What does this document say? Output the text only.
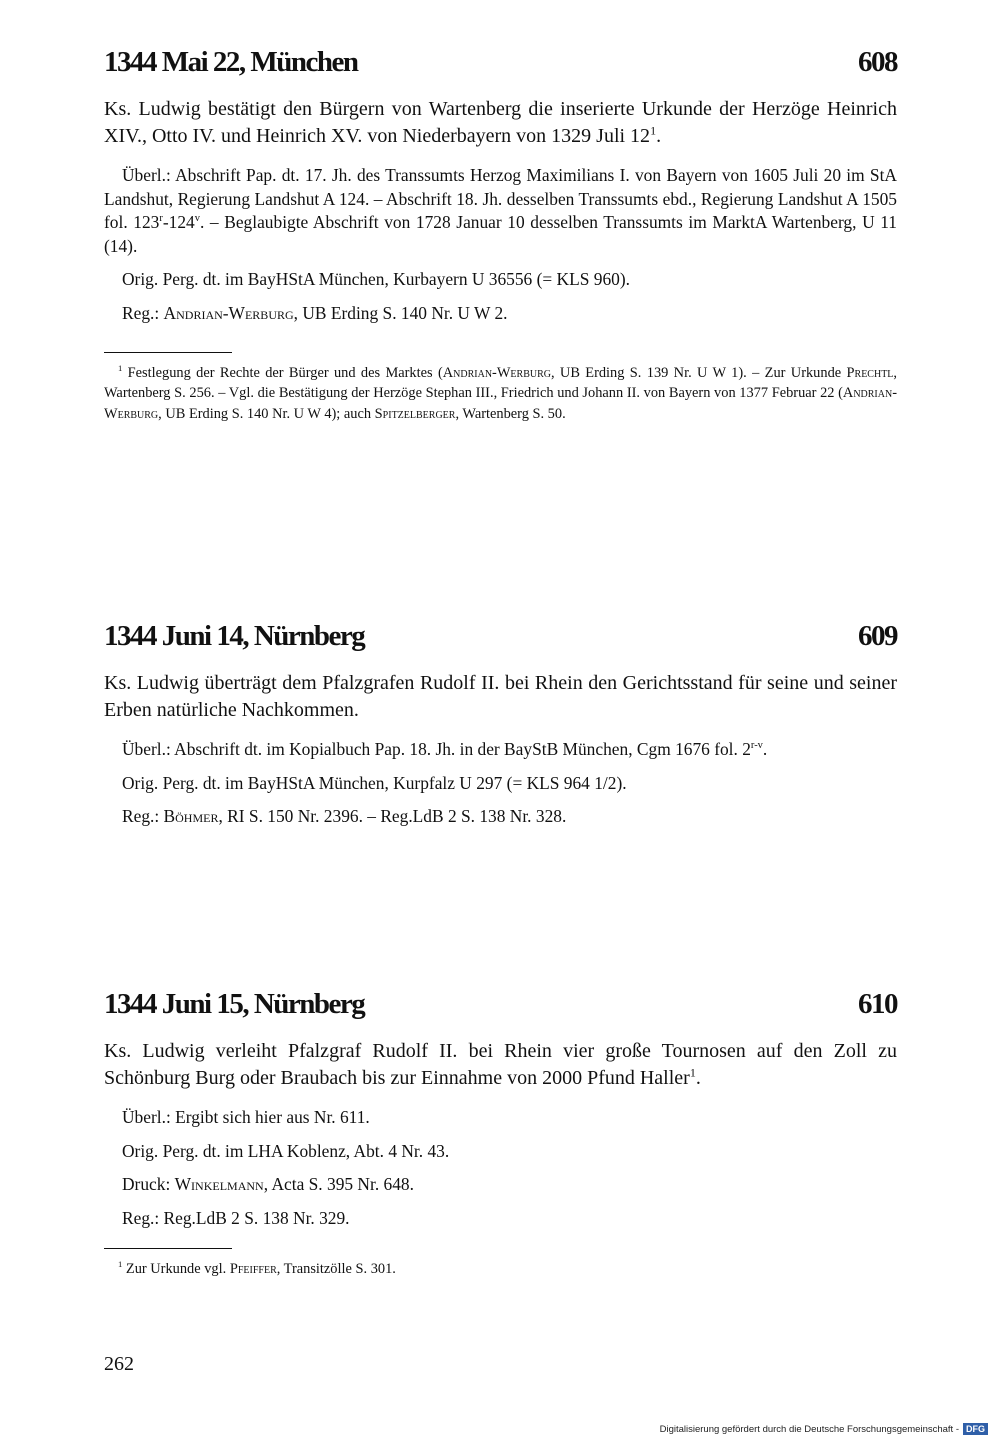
1344 Mai 22, München	608

Ks. Ludwig bestätigt den Bürgern von Wartenberg die inserierte Urkunde der Herzöge Heinrich XIV., Otto IV. und Heinrich XV. von Niederbayern von 1329 Juli $12^1$.

Überl.: Abschrift Pap. dt. 17. Jh. des Transsumts Herzog Maximilians I. von Bayern von 1605 Juli 20 im StA Landshut, Regierung Landshut A 124. – Abschrift 18. Jh. desselben Transsumts ebd., Regierung Landshut A 1505 fol. 123$^r$-124$^v$. – Beglaubigte Abschrift von 1728 Januar 10 desselben Transsumts im MarktA Wartenberg, U 11 (14).

Orig. Perg. dt. im BayHStA München, Kurbayern U 36556 (= KLS 960).

Reg.: Andrian-Werburg, UB Erding S. 140 Nr. U W 2.

$^1$ Festlegung der Rechte der Bürger und des Marktes (Andrian-Werburg, UB Erding S. 139 Nr. U W 1). – Zur Urkunde Prechtl, Wartenberg S. 256. – Vgl. die Bestätigung der Herzöge Stephan III., Friedrich und Johann II. von Bayern von 1377 Februar 22 (Andrian-Werburg, UB Erding S. 140 Nr. U W 4); auch Spitzelberger, Wartenberg S. 50.

1344 Juni 14, Nürnberg	609

Ks. Ludwig überträgt dem Pfalzgrafen Rudolf II. bei Rhein den Gerichtsstand für seine und seiner Erben natürliche Nachkommen.

Überl.: Abschrift dt. im Kopialbuch Pap. 18. Jh. in der BayStB München, Cgm 1676 fol. 2$^{r-v}$.

Orig. Perg. dt. im BayHStA München, Kurpfalz U 297 (= KLS 964 1/2).

Reg.: Böhmer, RI S. 150 Nr. 2396. – Reg.LdB 2 S. 138 Nr. 328.

1344 Juni 15, Nürnberg	610

Ks. Ludwig verleiht Pfalzgraf Rudolf II. bei Rhein vier große Tournosen auf den Zoll zu Schönburg Burg oder Braubach bis zur Einnahme von 2000 Pfund Haller$^1$.

Überl.: Ergibt sich hier aus Nr. 611.

Orig. Perg. dt. im LHA Koblenz, Abt. 4 Nr. 43.

Druck: Winkelmann, Acta S. 395 Nr. 648.

Reg.: Reg.LdB 2 S. 138 Nr. 329.

$^1$ Zur Urkunde vgl. Pfeiffer, Transitzölle S. 301.

262
Digitalisierung gefördert durch die Deutsche Forschungsgemeinschaft - DFG
